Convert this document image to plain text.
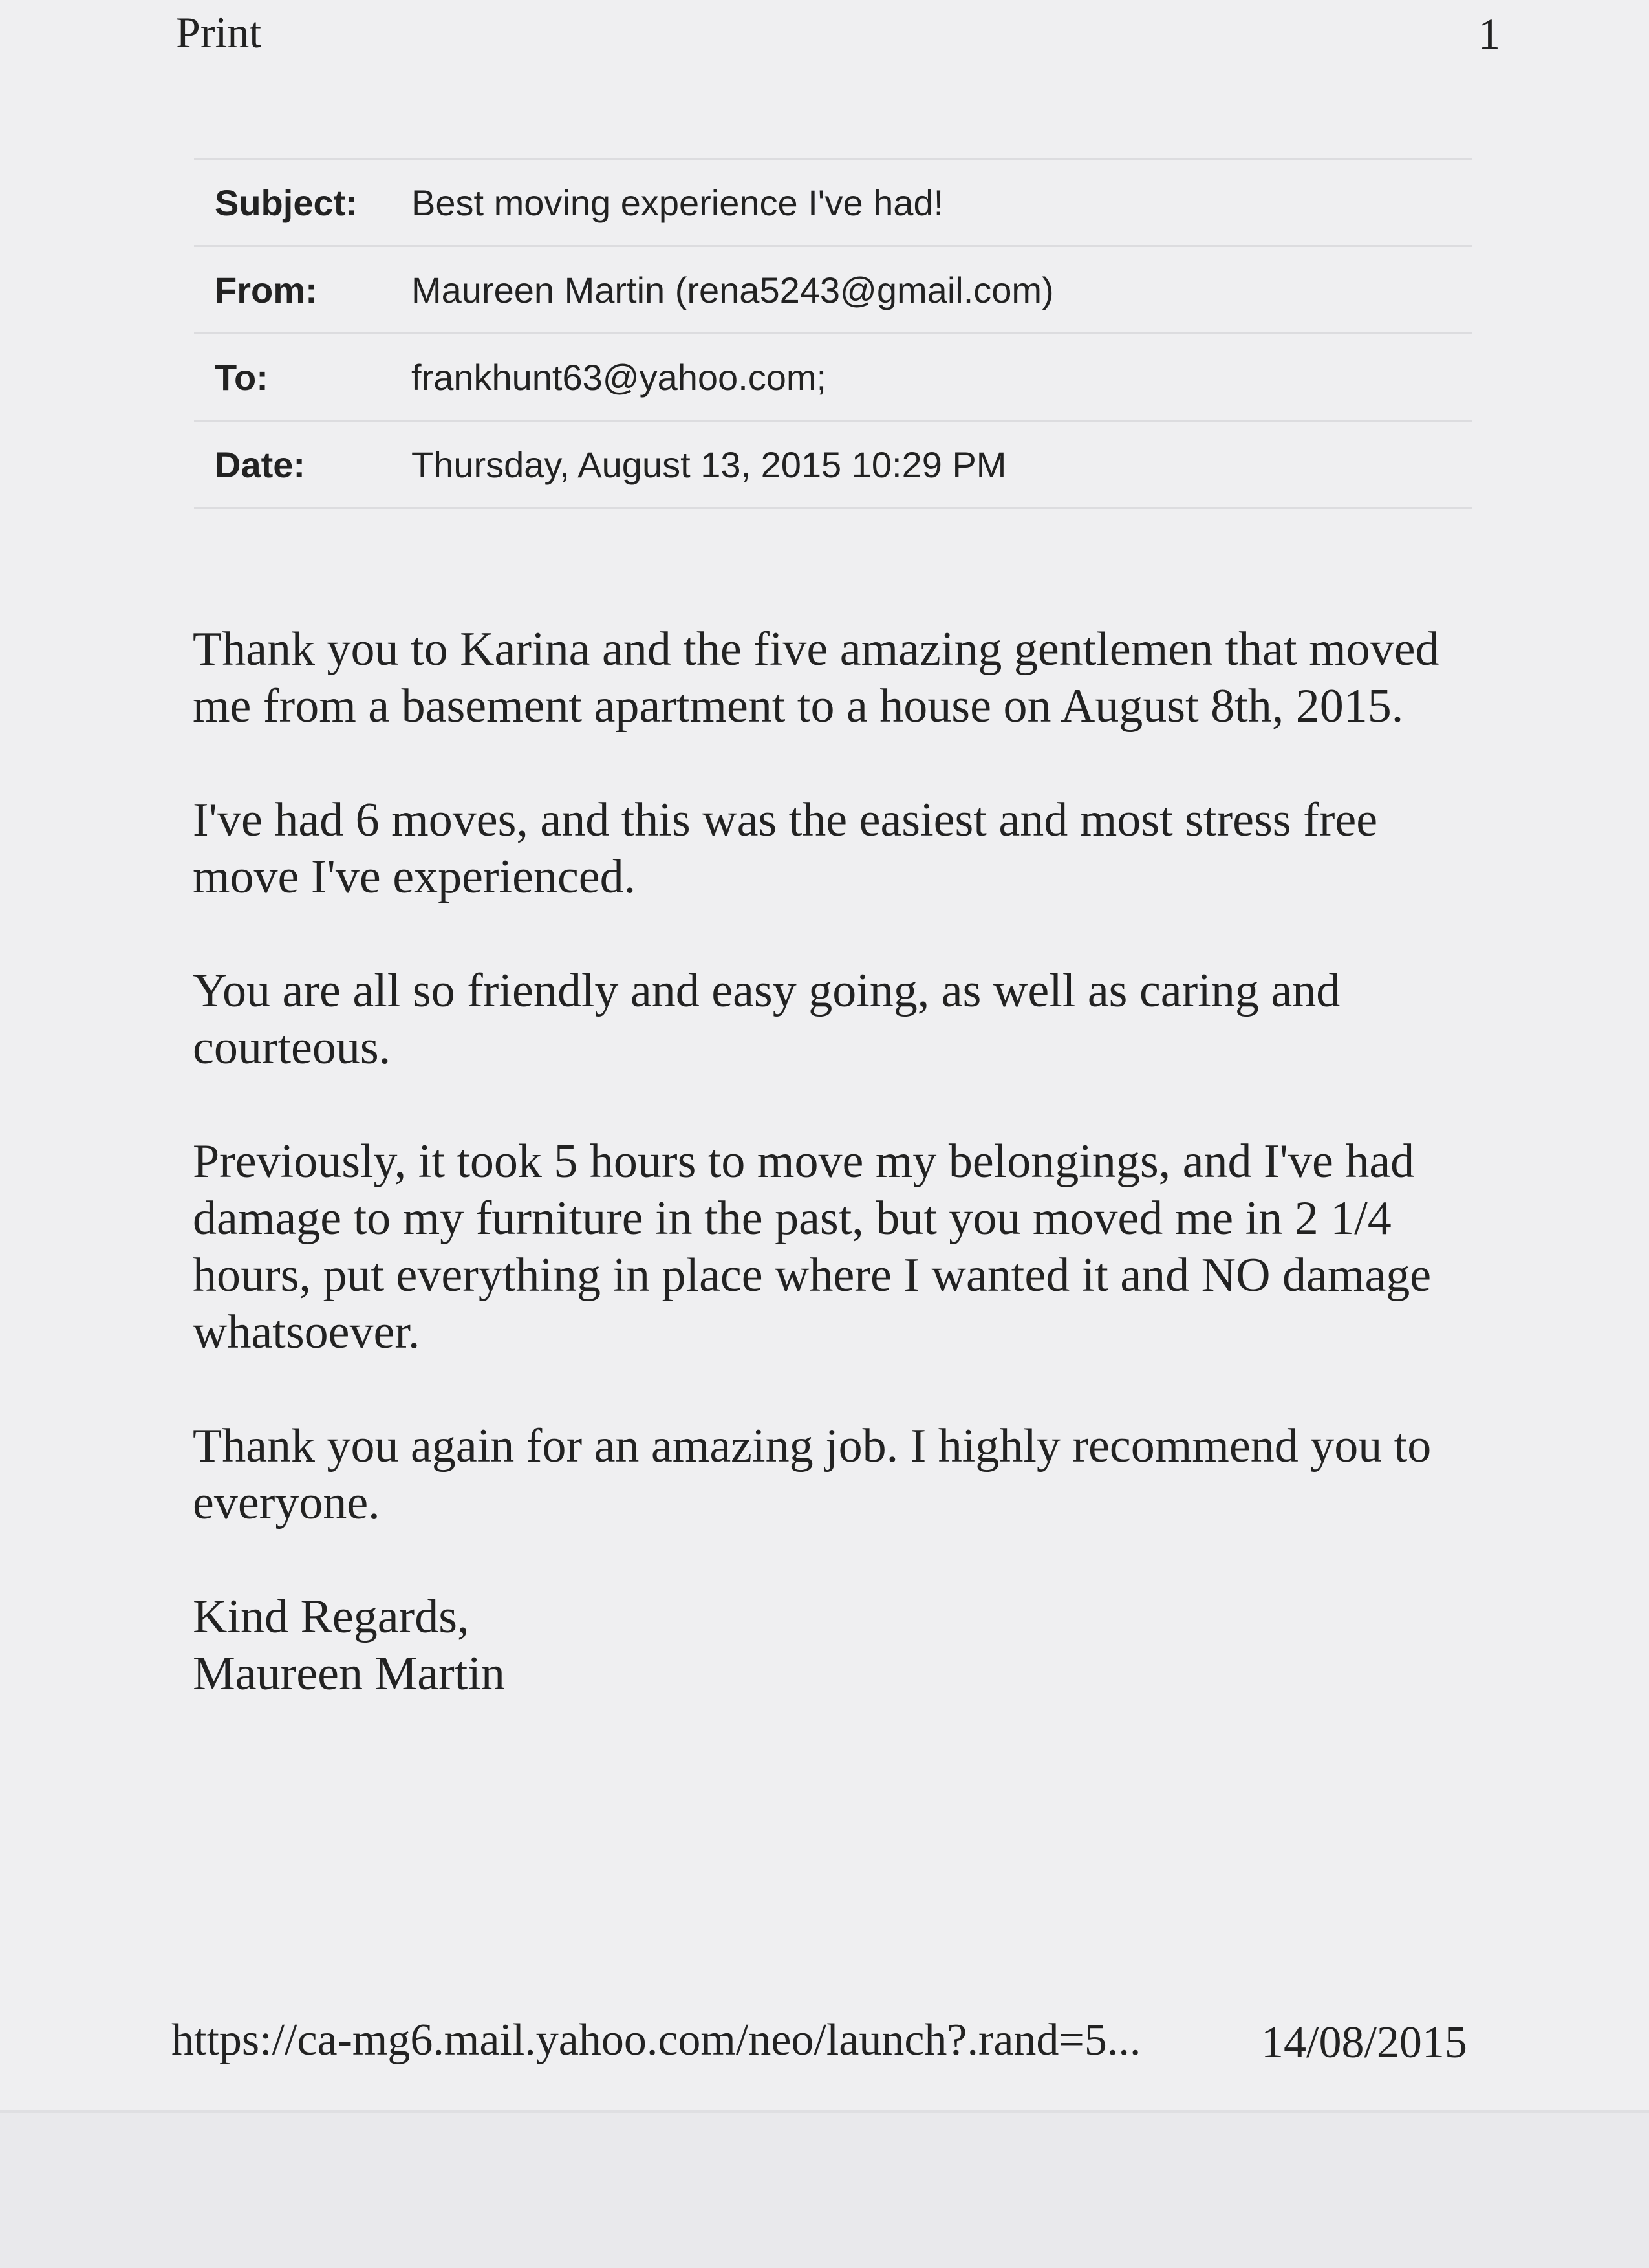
Print	1
Subject:	Best moving experience I've had!
From:	Maureen Martin (rena5243@gmail.com)
To:	frankhunt63@yahoo.com;
Date:	Thursday, August 13, 2015 10:29 PM

Thank you to Karina and the five amazing gentlemen that moved me from a basement apartment to a house on August 8th, 2015.

I've had 6 moves, and this was the easiest and most stress free move I've experienced.

You are all so friendly and easy going, as well as caring and courteous.

Previously, it took 5 hours to move my belongings, and I've had damage to my furniture in the past, but you moved me in 2 1/4 hours, put everything in place where I wanted it and NO damage whatsoever.

Thank you again for an amazing job. I highly recommend you to everyone.

Kind Regards,

Maureen Martin

https://ca-mg6.mail.yahoo.com/neo/launch?.rand=5...	14/08/2015
